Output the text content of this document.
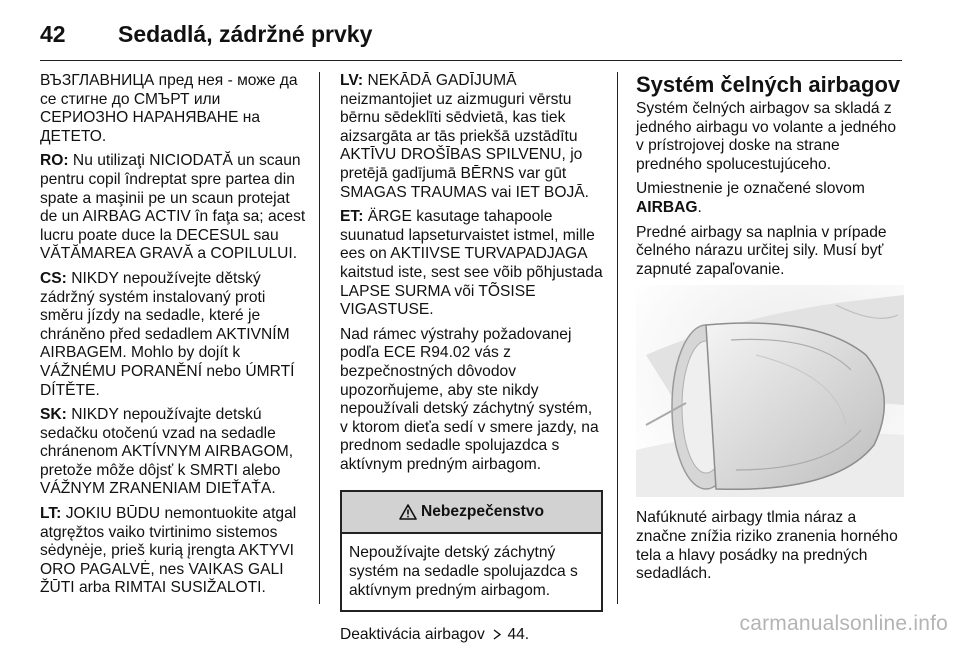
42	Sedadlá, zádržné prvky

ВЪЗГЛАВНИЦА пред нея - може да се стигне до СМЪРТ или СЕРИОЗНО НАРАНЯВАНЕ на ДЕТЕТО.

RO: Nu utilizaţi NICIODATĂ un scaun pentru copil îndreptat spre partea din spate a maşinii pe un scaun protejat de un AIRBAG ACTIV în faţa sa; acest lucru poate duce la DECESUL sau VĂTĂMAREA GRAVĂ a COPILULUI.

CS: NIKDY nepoužívejte dětský zádržný systém instalovaný proti směru jízdy na sedadle, které je chráněno před sedadlem AKTIVNÍM AIRBAGEM. Mohlo by dojít k VÁŽNÉMU PORANĚNÍ nebo ÚMRTÍ DÍTĚTE.

SK: NIKDY nepoužívajte detskú sedačku otočenú vzad na sedadle chránenom AKTÍVNYM AIRBAGOM, pretože môže dôjsť k SMRTI alebo VÁŽNYM ZRANENIAM DIEŤAŤA.

LT: JOKIU BŪDU nemontuokite atgal atgręžtos vaiko tvirtinimo sistemos sėdynėje, prieš kurią įrengta AKTYVI ORO PAGALVĖ, nes VAIKAS GALI ŽŪTI arba RIMTAI SUSIŽALOTI.

LV: NEKĀDĀ GADĪJUMĀ neizmantojiet uz aizmuguri vērstu bērnu sēdeklīti sēdvietā, kas tiek aizsargāta ar tās priekšā uzstādītu AKTĪVU DROŠĪBAS SPILVENU, jo pretējā gadījumā BĒRNS var gūt SMAGAS TRAUMAS vai IET BOJĀ.

ET: ÄRGE kasutage tahapoole suunatud lapseturvaistet istmel, mille ees on AKTIIVSE TURVAPADJAGA kaitstud iste, sest see võib põhjustada LAPSE SURMA või TÕSISE VIGASTUSE.

Nad rámec výstrahy požadovanej podľa ECE R94.02 vás z bezpečnostných dôvodov upozorňujeme, aby ste nikdy nepoužívali detský záchytný systém, v ktorom dieťa sedí v smere jazdy, na prednom sedadle spolujazdca s aktívnym predným airbagom.

Nebezpečenstvo
Nepoužívajte detský záchytný systém na sedadle spolujazdca s aktívnym predným airbagom.

Deaktivácia airbagov  44.

Systém čelných airbagov

Systém čelných airbagov sa skladá z jedného airbagu vo volante a jedného v prístrojovej doske na strane predného spolucestujúceho.

Umiestnenie je označené slovom AIRBAG.

Predné airbagy sa naplnia v prípade čelného nárazu určitej sily. Musí byť zapnuté zapaľovanie.

Nafúknuté airbagy tlmia náraz a značne znížia riziko zranenia horného tela a hlavy posádky na predných sedadlách.

carmanualsonline.info
